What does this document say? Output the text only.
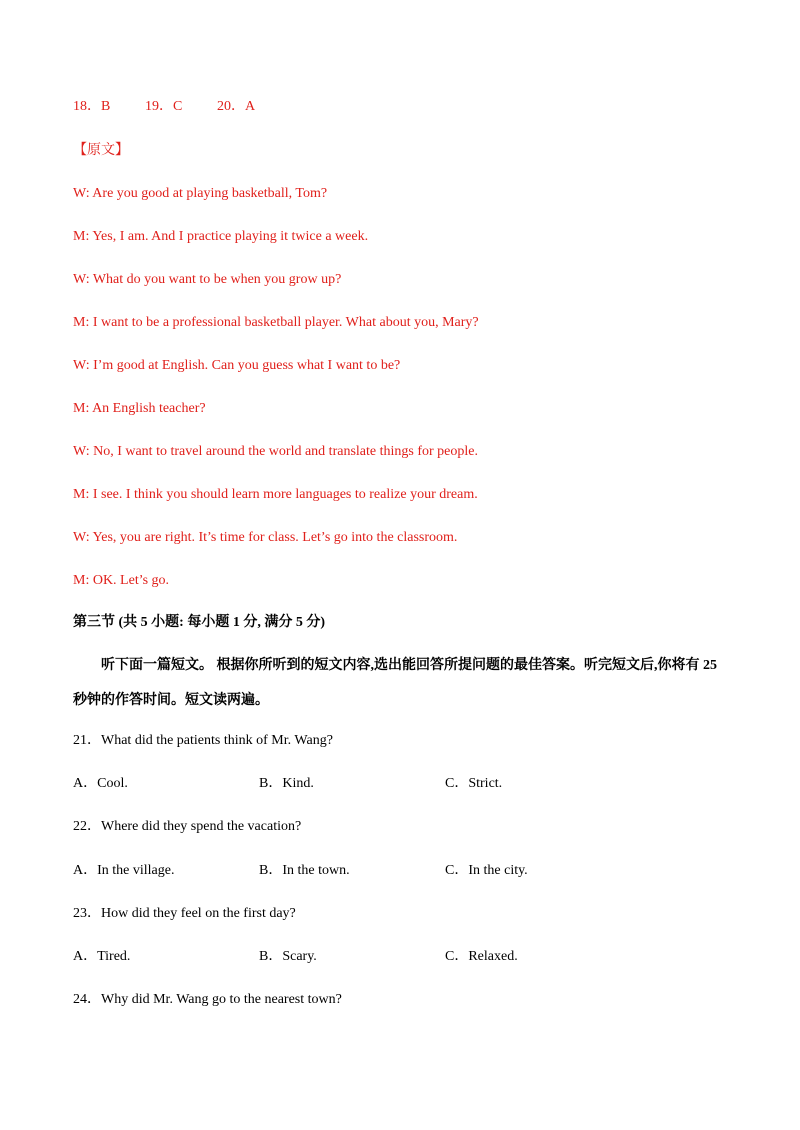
18．B 19．C 20．A
【原文】
W: Are you good at playing basketball, Tom?
M: Yes, I am. And I practice playing it twice a week.
W: What do you want to be when you grow up?
M: I want to be a professional basketball player. What about you, Mary?
W: I’m good at English. Can you guess what I want to be?
M: An English teacher?
W: No, I want to travel around the world and translate things for people.
M: I see. I think you should learn more languages to realize your dream.
W: Yes, you are right. It’s time for class. Let’s go into the classroom.
M: OK. Let’s go.
第三节 (共 5 小题: 每小题 1 分, 满分 5 分)
听下面一篇短文。 根据你所听到的短文内容,选出能回答所提问题的最佳答案。听完短文后,你将有 25 秒钟的作答时间。短文读两遍。
21．What did the patients think of Mr. Wang?
A．Cool.	B．Kind.	C．Strict.
22．Where did they spend the vacation?
A．In the village.	B．In the town.	C．In the city.
23．How did they feel on the first day?
A．Tired.	B．Scary.	C．Relaxed.
24．Why did Mr. Wang go to the nearest town?
